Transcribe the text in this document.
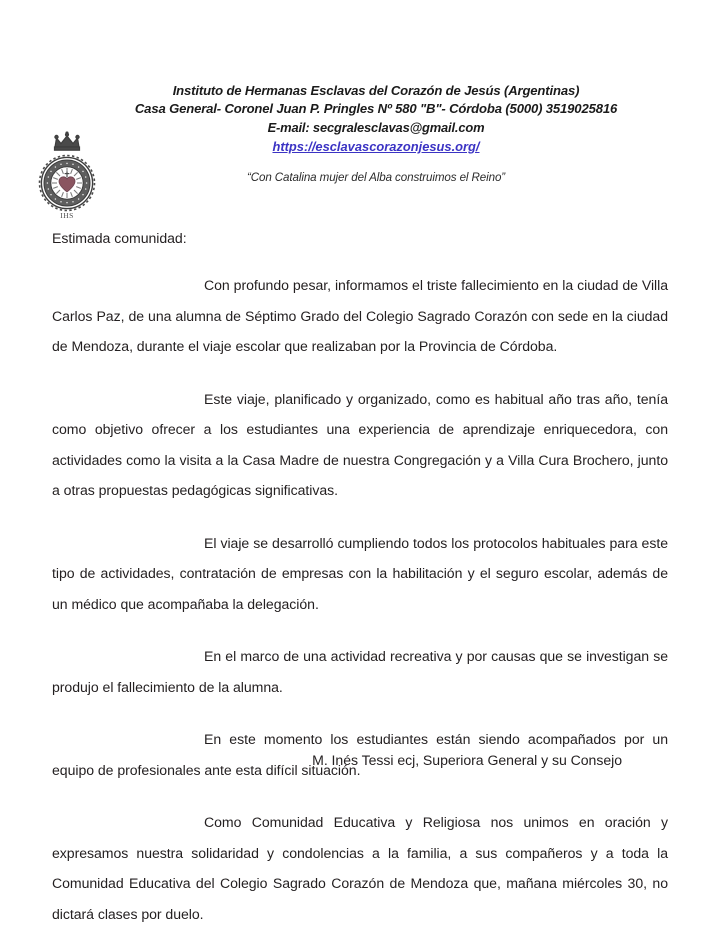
IHS
Instituto de Hermanas Esclavas del Corazón de Jesús (Argentinas)
Casa General- Coronel Juan P. Pringles Nº 580 "B"- Córdoba (5000) 3519025816
E-mail: secgralesclavas@gmail.com
https://esclavascorazonjesus.org/
“Con Catalina mujer del Alba construimos el Reino”

Estimada comunidad:

Con profundo pesar, informamos el triste fallecimiento en la ciudad de Villa Carlos Paz, de una alumna de Séptimo Grado del Colegio Sagrado Corazón con sede en la ciudad de Mendoza, durante el viaje escolar que realizaban por la Provincia de Córdoba.

Este viaje, planificado y organizado, como es habitual año tras año, tenía como objetivo ofrecer a los estudiantes una experiencia de aprendizaje enriquecedora, con actividades como la visita a la Casa Madre de nuestra Congregación y a Villa Cura Brochero, junto a otras propuestas pedagógicas significativas.

El viaje se desarrolló cumpliendo todos los protocolos habituales para este tipo de actividades, contratación de empresas con la habilitación y el seguro escolar, además de un médico que acompañaba la delegación.

En el marco de una actividad recreativa y por causas que se investigan se produjo el fallecimiento de la alumna.

En este momento los estudiantes están siendo acompañados por un equipo de profesionales ante esta difícil situación.

Como Comunidad Educativa y Religiosa nos unimos en oración y expresamos nuestra solidaridad y condolencias a la familia, a sus compañeros y a toda la Comunidad Educativa del Colegio Sagrado Corazón de Mendoza que, mañana miércoles 30, no dictará clases por duelo.

M. Inés Tessi ecj, Superiora General y su Consejo
